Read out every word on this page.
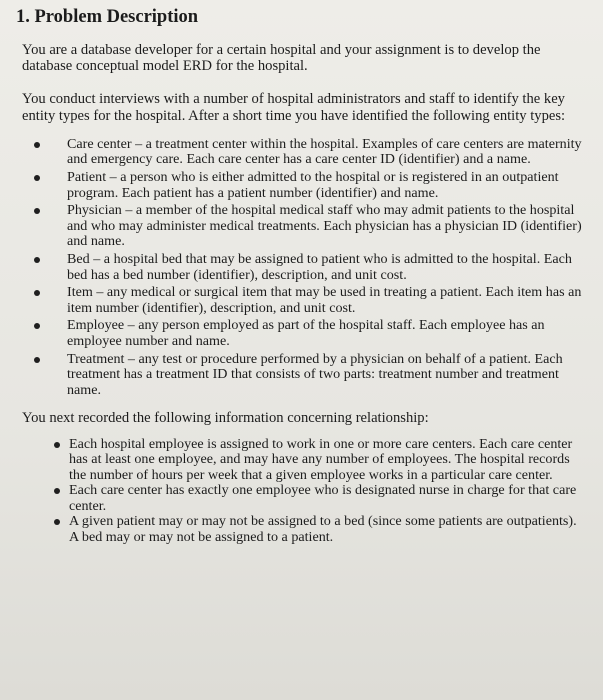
1. Problem Description

You are a database developer for a certain hospital and your assignment is to develop the database conceptual model ERD for the hospital.

You conduct interviews with a number of hospital administrators and staff to identify the key entity types for the hospital. After a short time you have identified the following entity types:

Care center – a treatment center within the hospital. Examples of care centers are maternity and emergency care. Each care center has a care center ID (identifier) and a name.
Patient – a person who is either admitted to the hospital or is registered in an outpatient program. Each patient has a patient number (identifier) and name.
Physician – a member of the hospital medical staff who may admit patients to the hospital and who may administer medical treatments. Each physician has a physician ID (identifier) and name.
Bed – a hospital bed that may be assigned to patient who is admitted to the hospital. Each bed has a bed number (identifier), description, and unit cost.
Item – any medical or surgical item that may be used in treating a patient. Each item has an item number (identifier), description, and unit cost.
Employee – any person employed as part of the hospital staff. Each employee has an employee number and name.
Treatment – any test or procedure performed by a physician on behalf of a patient. Each treatment has a treatment ID that consists of two parts: treatment number and treatment name.

You next recorded the following information concerning relationship:

Each hospital employee is assigned to work in one or more care centers. Each care center has at least one employee, and may have any number of employees. The hospital records the number of hours per week that a given employee works in a particular care center.
Each care center has exactly one employee who is designated nurse in charge for that care center.
A given patient may or may not be assigned to a bed (since some patients are outpatients). A bed may or may not be assigned to a patient.
